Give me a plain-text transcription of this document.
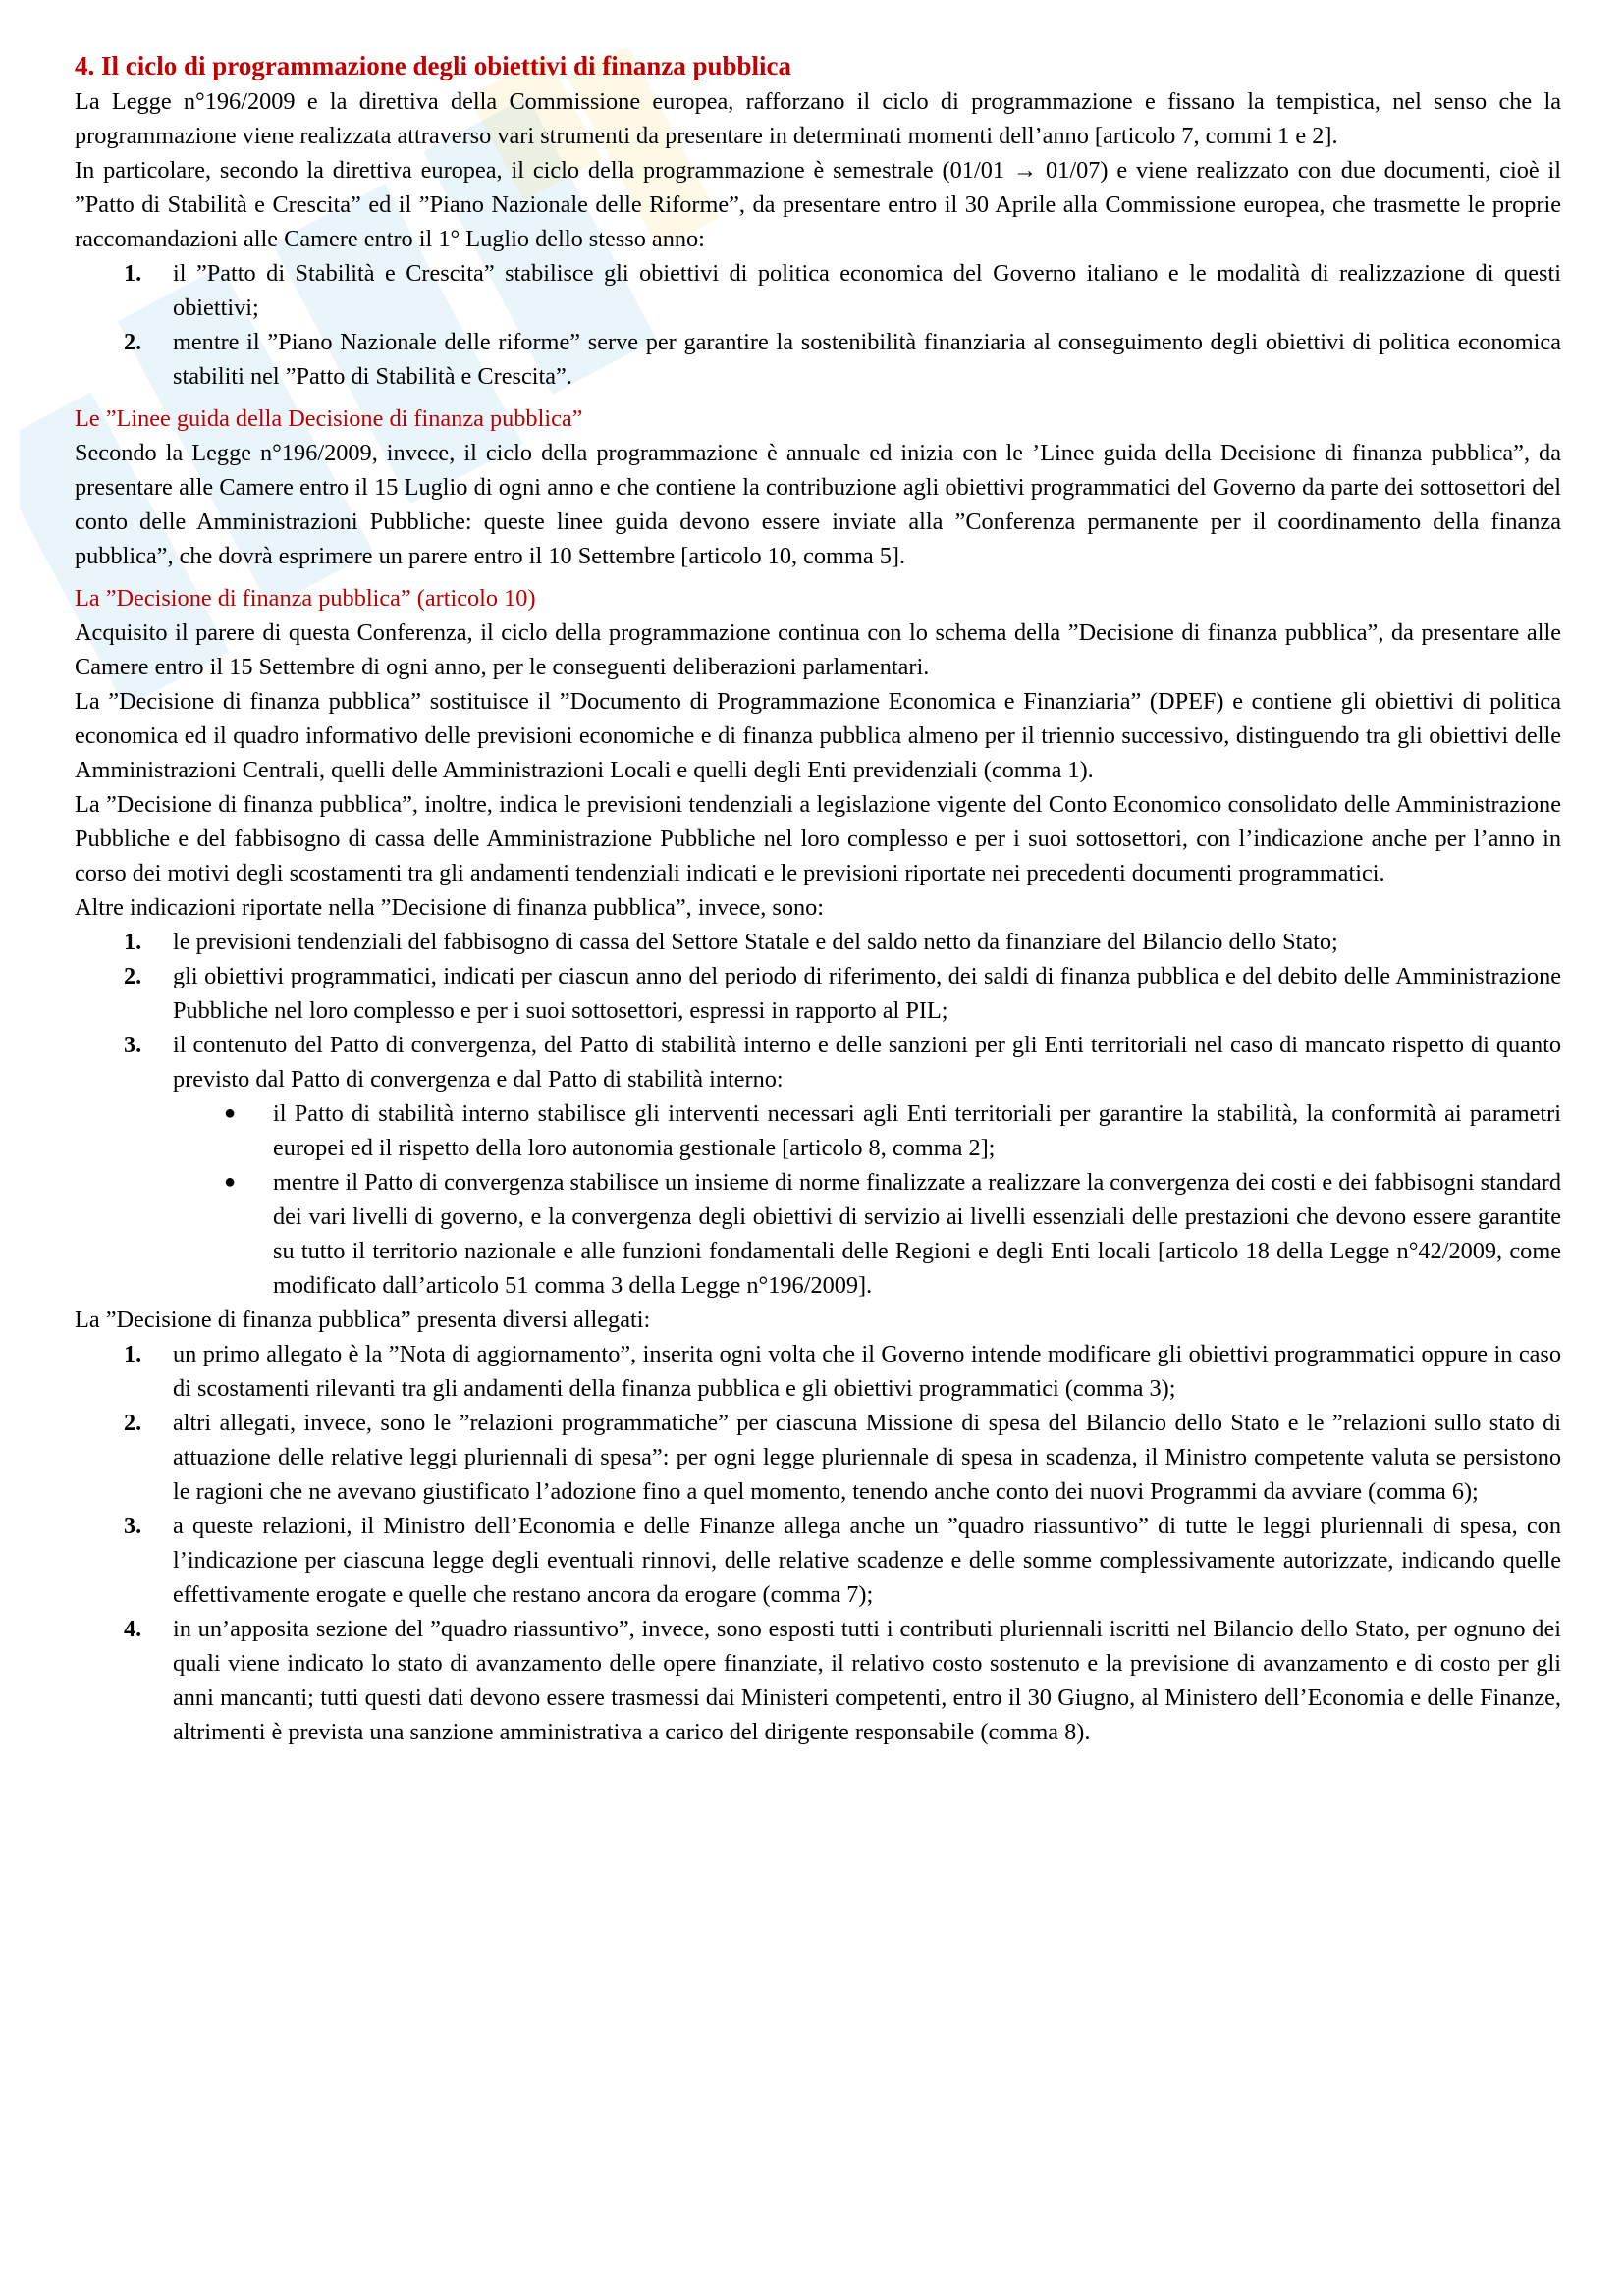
4. Il ciclo di programmazione degli obiettivi di finanza pubblica

La Legge n°196/2009 e la direttiva della Commissione europea, rafforzano il ciclo di programmazione e fissano la tempistica, nel senso che la programmazione viene realizzata attraverso vari strumenti da presentare in determinati momenti dell’anno [articolo 7, commi 1 e 2].

In particolare, secondo la direttiva europea, il ciclo della programmazione è semestrale (01/01 → 01/07) e viene realizzato con due documenti, cioè il ”Patto di Stabilità e Crescita” ed il ”Piano Nazionale delle Riforme”, da presentare entro il 30 Aprile alla Commissione europea, che trasmette le proprie raccomandazioni alle Camere entro il 1° Luglio dello stesso anno:

1. il ”Patto di Stabilità e Crescita” stabilisce gli obiettivi di politica economica del Governo italiano e le modalità di realizzazione di questi obiettivi;
2. mentre il ”Piano Nazionale delle riforme” serve per garantire la sostenibilità finanziaria al conseguimento degli obiettivi di politica economica stabiliti nel ”Patto di Stabilità e Crescita”.
Le ”Linee guida della Decisione di finanza pubblica”

Secondo la Legge n°196/2009, invece, il ciclo della programmazione è annuale ed inizia con le ’Linee guida della Decisione di finanza pubblica”, da presentare alle Camere entro il 15 Luglio di ogni anno e che contiene la contribuzione agli obiettivi programmatici del Governo da parte dei sottosettori del conto delle Amministrazioni Pubbliche: queste linee guida devono essere inviate alla ”Conferenza permanente per il coordinamento della finanza pubblica”, che dovrà esprimere un parere entro il 10 Settembre [articolo 10, comma 5].

La ”Decisione di finanza pubblica” (articolo 10)

Acquisito il parere di questa Conferenza, il ciclo della programmazione continua con lo schema della ”Decisione di finanza pubblica”, da presentare alle Camere entro il 15 Settembre di ogni anno, per le conseguenti deliberazioni parlamentari.

La ”Decisione di finanza pubblica” sostituisce il ”Documento di Programmazione Economica e Finanziaria” (DPEF) e contiene gli obiettivi di politica economica ed il quadro informativo delle previsioni economiche e di finanza pubblica almeno per il triennio successivo, distinguendo tra gli obiettivi delle Amministrazioni Centrali, quelli delle Amministrazioni Locali e quelli degli Enti previdenziali (comma 1).

La ”Decisione di finanza pubblica”, inoltre, indica le previsioni tendenziali a legislazione vigente del Conto Economico consolidato delle Amministrazione Pubbliche e del fabbisogno di cassa delle Amministrazione Pubbliche nel loro complesso e per i suoi sottosettori, con l’indicazione anche per l’anno in corso dei motivi degli scostamenti tra gli andamenti tendenziali indicati e le previsioni riportate nei precedenti documenti programmatici.

Altre indicazioni riportate nella ”Decisione di finanza pubblica”, invece, sono:

1. le previsioni tendenziali del fabbisogno di cassa del Settore Statale e del saldo netto da finanziare del Bilancio dello Stato;
2. gli obiettivi programmatici, indicati per ciascun anno del periodo di riferimento, dei saldi di finanza pubblica e del debito delle Amministrazione Pubbliche nel loro complesso e per i suoi sottosettori, espressi in rapporto al PIL;
3. il contenuto del Patto di convergenza, del Patto di stabilità interno e delle sanzioni per gli Enti territoriali nel caso di mancato rispetto di quanto previsto dal Patto di convergenza e dal Patto di stabilità interno:
● il Patto di stabilità interno stabilisce gli interventi necessari agli Enti territoriali per garantire la stabilità, la conformità ai parametri europei ed il rispetto della loro autonomia gestionale [articolo 8, comma 2];
● mentre il Patto di convergenza stabilisce un insieme di norme finalizzate a realizzare la convergenza dei costi e dei fabbisogni standard dei vari livelli di governo, e la convergenza degli obiettivi di servizio ai livelli essenziali delle prestazioni che devono essere garantite su tutto il territorio nazionale e alle funzioni fondamentali delle Regioni e degli Enti locali [articolo 18 della Legge n°42/2009, come modificato dall’articolo 51 comma 3 della Legge n°196/2009].

La ”Decisione di finanza pubblica” presenta diversi allegati:

1. un primo allegato è la ”Nota di aggiornamento”, inserita ogni volta che il Governo intende modificare gli obiettivi programmatici oppure in caso di scostamenti rilevanti tra gli andamenti della finanza pubblica e gli obiettivi programmatici (comma 3);
2. altri allegati, invece, sono le ”relazioni programmatiche” per ciascuna Missione di spesa del Bilancio dello Stato e le ”relazioni sullo stato di attuazione delle relative leggi pluriennali di spesa”: per ogni legge pluriennale di spesa in scadenza, il Ministro competente valuta se persistono le ragioni che ne avevano giustificato l’adozione fino a quel momento, tenendo anche conto dei nuovi Programmi da avviare (comma 6);
3. a queste relazioni, il Ministro dell’Economia e delle Finanze allega anche un ”quadro riassuntivo” di tutte le leggi pluriennali di spesa, con l’indicazione per ciascuna legge degli eventuali rinnovi, delle relative scadenze e delle somme complessivamente autorizzate, indicando quelle effettivamente erogate e quelle che restano ancora da erogare (comma 7);
4. in un’apposita sezione del ”quadro riassuntivo”, invece, sono esposti tutti i contributi pluriennali iscritti nel Bilancio dello Stato, per ognuno dei quali viene indicato lo stato di avanzamento delle opere finanziate, il relativo costo sostenuto e la previsione di avanzamento e di costo per gli anni mancanti; tutti questi dati devono essere trasmessi dai Ministeri competenti, entro il 30 Giugno, al Ministero dell’Economia e delle Finanze, altrimenti è prevista una sanzione amministrativa a carico del dirigente responsabile (comma 8).
